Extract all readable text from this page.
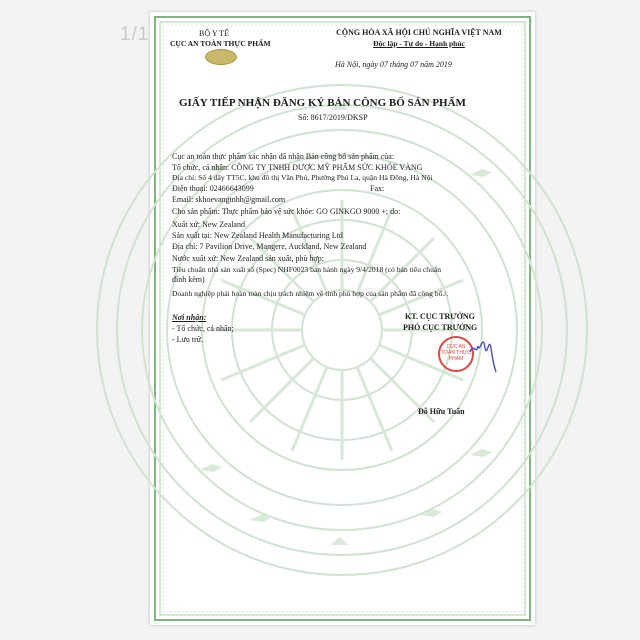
1/1	BỘ Y TẾ
CỤC AN TOÀN THỰC PHẨM
CỘNG HÒA XÃ HỘI CHỦ NGHĨA VIỆT NAM
Độc lập - Tự do - Hạnh phúc
Hà Nội, ngày 07 tháng 07 năm 2019
GIẤY TIẾP NHẬN ĐĂNG KÝ BẢN CÔNG BỐ SẢN PHẨM
Số: 8617/2019/DKSP
Cục an toàn thực phẩm xác nhận đã nhận Bản công bố sản phẩm của:
Tổ chức, cá nhân: CÔNG TY TNHH DƯỢC MỸ PHẨM SỨC KHỎE VÀNG
Địa chỉ: Số 4 dãy TT5C, khu đô thị Văn Phú, Phường Phú La, quận Hà Đông, Hà Nội
Điện thoại: 02466643099	Fax:
Email: skhoevangtnhh@gmail.com
Cho sản phẩm: Thực phẩm bảo vệ sức khỏe: GO GINKGO 9000 +; do:
Xuất xứ: New Zealand
Sản xuất tại: New Zealand Health Manufacturing Ltd
Địa chỉ: 7 Pavilion Drive, Mangere, Auckland, New Zealand
Nước xuất xứ: New Zealand sản xuất, phù hợp:
Tiêu chuẩn nhà sản xuất số (Spec) NHF0023 ban hành ngày 9/4/2018 (có bản tiêu chuẩn
đính kèm)
Doanh nghiệp phải hoàn toàn chịu trách nhiệm về tính phù hợp của sản phẩm đã công bố./.
Nơi nhận:
- Tổ chức, cá nhân;
- Lưu trữ.
KT. CỤC TRƯỞNG
PHÓ CỤC TRƯỞNG
CỤC AN TOÀN THỰC PHẨM
Đỗ Hữu Tuấn
